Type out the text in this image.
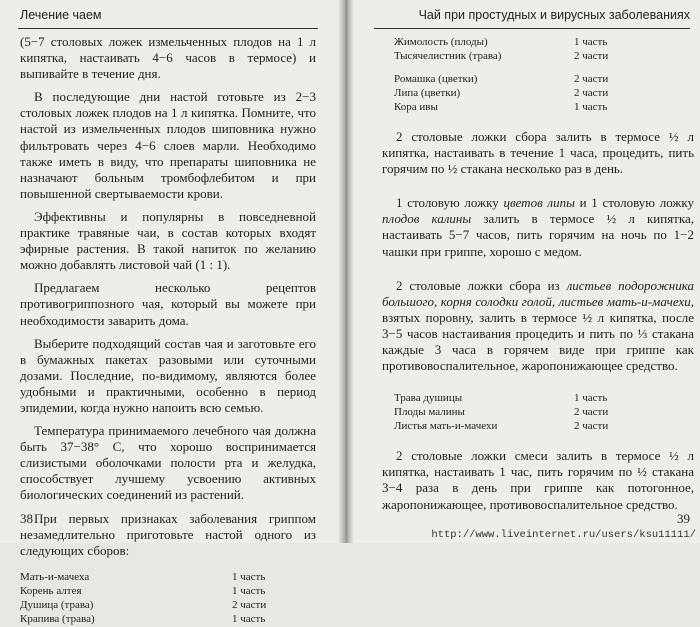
Лечение чаем

(5−7 столовых ложек измельченных плодов на 1 л кипятка, настаивать 4−6 часов в термосе) и выпивайте в течение дня.

В последующие дни настой готовьте из 2−3 столовых ложек плодов на 1 л кипятка. Помните, что настой из измельченных плодов шиповника нужно фильтровать через 4−6 слоев марли. Необходимо также иметь в виду, что препараты шиповника не назначают больным тромбофлебитом и при повышенной свертываемости крови.

Эффективны и популярны в повседневной практике травяные чаи, в состав которых входят эфирные растения. В такой напиток по желанию можно добавлять листовой чай (1 : 1).

Предлагаем несколько рецептов противогриппозного чая, который вы можете при необходимости заварить дома.

Выберите подходящий состав чая и заготовьте его в бумажных пакетах разовыми или суточными дозами. Последние, по-видимому, являются более удобными и практичными, особенно в период эпидемии, когда нужно напоить всю семью.

Температура принимаемого лечебного чая должна быть 37−38° С, что хорошо воспринимается слизистыми оболочками полости рта и желудка, способствует лучшему усвоению активных биологических соединений из растений.

При первых признаках заболевания гриппом незамедлительно приготовьте настой одного из следующих сборов:

Мать-и-мачеха	1 часть
Корень алтея	1 часть
Душица (трава)	2 части
Крапива (трава)	1 часть
38
Чай при простудных и вирусных заболеваниях
Жимолость (плоды)	1 часть
Тысячелистник (трава)	2 части
Ромашка (цветки)	2 части
Липа (цветки)	2 части
Кора ивы	1 часть

2 столовые ложки сбора залить в термосе ½ л кипятка, настаивать в течение 1 часа, процедить, пить горячим по ½ стакана несколько раз в день.

1 столовую ложку цветов липы и 1 столовую ложку плодов калины залить в термосе ½ л кипятка, настаивать 5−7 часов, пить горячим на ночь по 1−2 чашки при гриппе, хорошо с медом.

2 столовые ложки сбора из листьев подорожника большого, корня солодки голой, листьев мать-и-мачехи, взятых поровну, залить в термосе ½ л кипятка, после 3−5 часов настаивания процедить и пить по ⅓ стакана каждые 3 часа в горячем виде при гриппе как противовоспалительное, жаропонижающее средство.

Трава душицы	1 часть
Плоды малины	2 части
Листья мать-и-мачехи	2 части

2 столовые ложки смеси залить в термосе ½ л кипятка, настаивать 1 час, пить горячим по ½ стакана 3−4 раза в день при гриппе как потогонное, жаропонижающее, противовоспалительное средство.

39
http://www.liveinternet.ru/users/ksu11111/
